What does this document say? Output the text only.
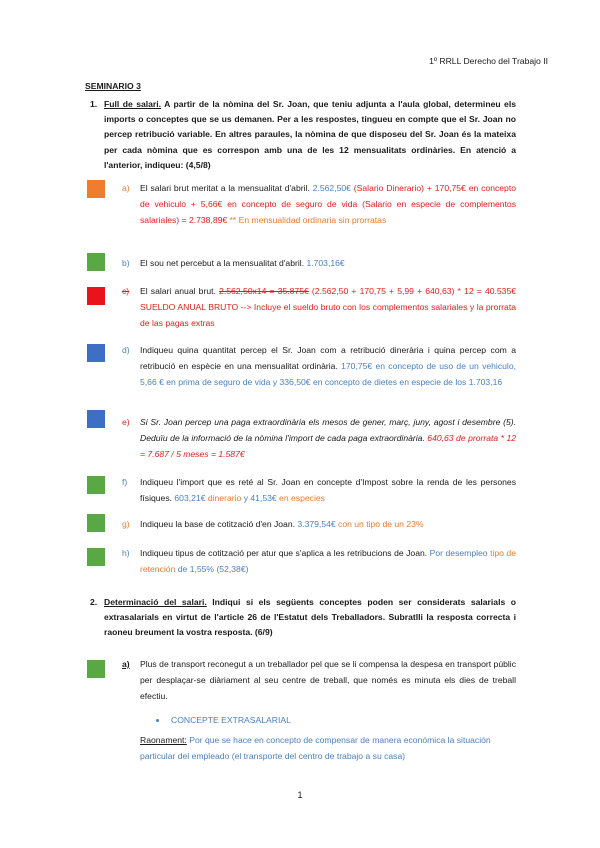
1º RRLL Derecho del Trabajo II
SEMINARIO 3
1. Full de salari. A partir de la nòmina del Sr. Joan, que teniu adjunta a l'aula global, determineu els imports o conceptes que se us demanen. Per a les respostes, tingueu en compte que el Sr. Joan no percep retribució variable. En altres paraules, la nòmina de que disposeu del Sr. Joan és la mateixa per cada nòmina que es correspon amb una de les 12 mensualitats ordinàries. En atenció a l'anterior, indiqueu: (4,5/8)
a) El salari brut meritat a la mensualitat d'abril. 2.562,50€ (Salario Dinerario) + 170,75€ en concepto de vehiculo + 5,66€ en concepto de seguro de vida (Salario en especie de complementos salariales) = 2.738,89€ ** En mensualidad ordinaria sin prorratas
b) El sou net percebut a la mensualitat d'abril. 1.703,16€
c) El salari anual brut. 2.562,50x14 = 35.875€ (2.562,50 + 170,75 + 5,99 + 640,63) * 12 = 40.535€ SUELDO ANUAL BRUTO --> Incluye el sueldo bruto con los complementos salariales y la prorrata de las pagas extras
d) Indiqueu quina quantitat percep el Sr. Joan com a retribució dinerària i quina percep com a retribució en espècie en una mensualitat ordinària. 170,75€ en concepto de uso de un vehiculo, 5,66 € en prima de seguro de vida y 336,50€ en concepto de dietes en especie de los 1.703,16
e) Si Sr. Joan percep una paga extraordinària els mesos de gener, març, juny, agost i desembre (5). Deduïu de la informació de la nòmina l'import de cada paga extraordinària. 640,63 de prorrata * 12 = 7.687 / 5 meses = 1.587€
f) Indiqueu l'import que es reté al Sr. Joan en concepte d'Impost sobre la renda de les persones físiques. 603,21€ dinerario y 41,53€ en especies
g) Indiqueu la base de cotització d'en Joan. 3.379,54€ con un tipo de un 23%
h) Indiqueu tipus de cotització per atur que s'aplica a les retribucions de Joan. Por desempleo tipo de retención de 1,55% (52,38€)
2. Determinació del salari. Indiqui si els següents conceptes poden ser considerats salarials o extrasalarials en virtut de l'article 26 de l'Estatut dels Treballadors. Subratlli la resposta correcta i raoneu breument la vostra resposta. (6/9)
a) Plus de transport reconegut a un treballador pel que se li compensa la despesa en transport públic per desplaçar-se diàriament al seu centre de treball, que només es minuta els dies de treball efectiu.
CONCEPTE EXTRASALARIAL
Raonament: Por que se hace en concepto de compensar de manera económica la situación particular del empleado (el transporte del centro de trabajo a su casa)
1
